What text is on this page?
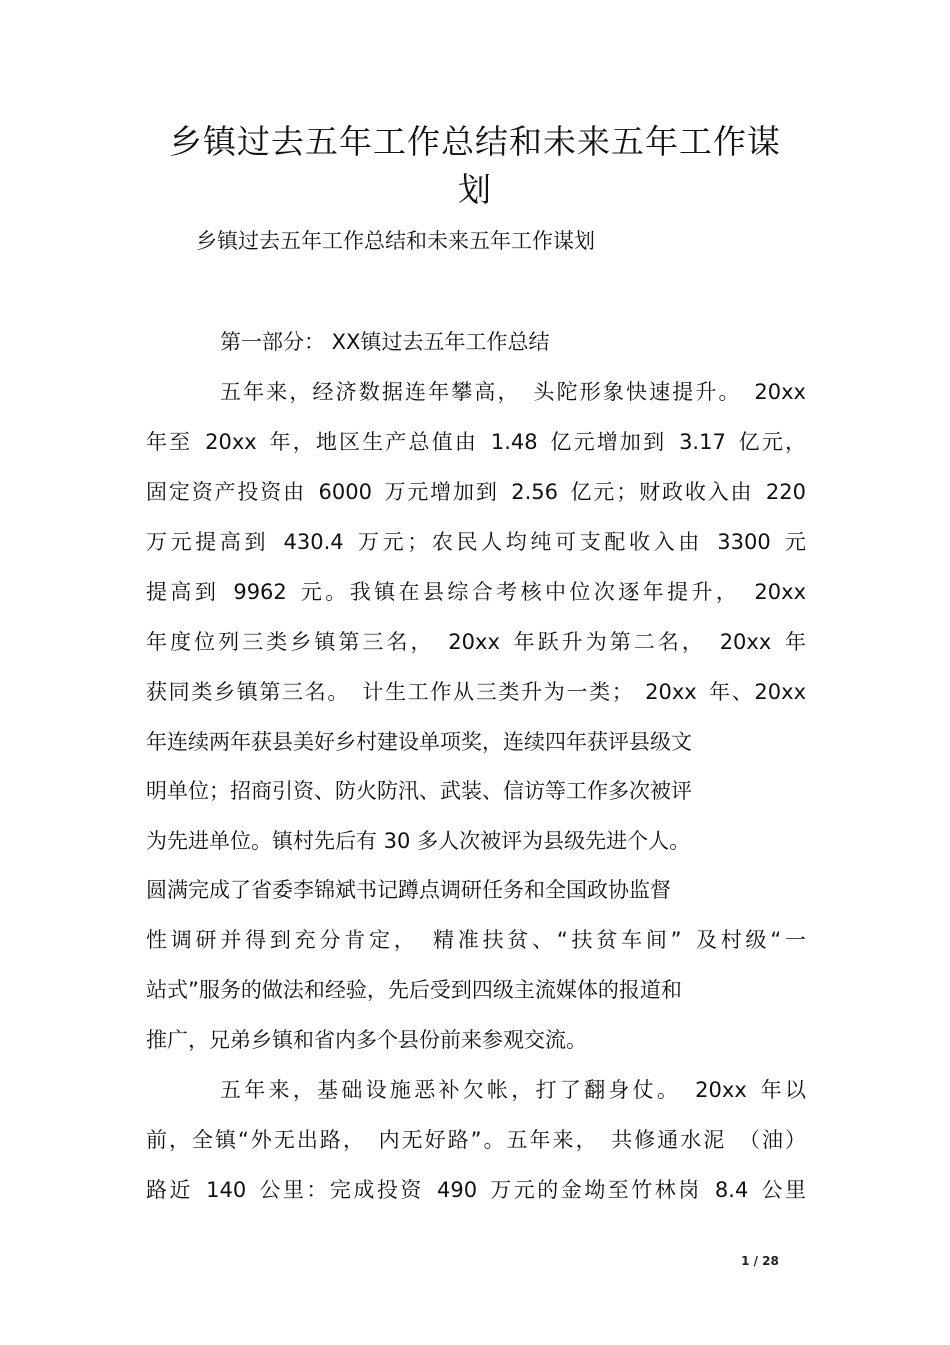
乡镇过去五年工作总结和未来五年工作谋
划
乡镇过去五年工作总结和未来五年工作谋划
第一部分： XX镇过去五年工作总结
五年来，经济数据连年攀高， 头陀形象快速提升。 20xx
年至 20xx 年，地区生产总值由 1.48 亿元增加到 3.17 亿元，
固定资产投资由 6000 万元增加到 2.56 亿元；财政收入由 220
万元提高到 430.4 万元；农民人均纯可支配收入由 3300 元
提高到 9962 元。我镇在县综合考核中位次逐年提升， 20xx
年度位列三类乡镇第三名， 20xx 年跃升为第二名， 20xx 年
获同类乡镇第三名。 计生工作从三类升为一类； 20xx 年、20xx
年连续两年获县美好乡村建设单项奖，连续四年获评县级文
明单位；招商引资、防火防汛、武装、信访等工作多次被评
为先进单位。镇村先后有 30 多人次被评为县级先进个人。
圆满完成了省委李锦斌书记蹲点调研任务和全国政协监督
性调研并得到充分肯定， 精准扶贫、“扶贫车间” 及村级“一
站式”服务的做法和经验，先后受到四级主流媒体的报道和
推广，兄弟乡镇和省内多个县份前来参观交流。
五年来，基础设施恶补欠帐，打了翻身仗。 20xx 年以
前，全镇“外无出路， 内无好路”。五年来， 共修通水泥 （油）
路近 140 公里：完成投资 490 万元的金坳至竹林岗 8.4 公里
1 / 28
